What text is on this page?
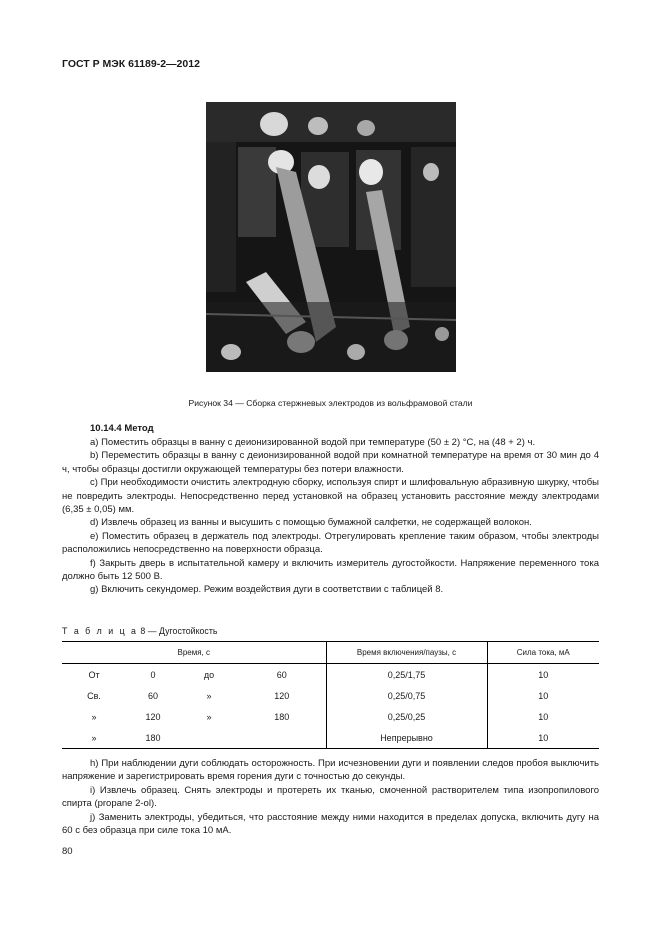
ГОСТ Р МЭК 61189-2—2012
Рисунок 34 — Сборка стержневых электродов из вольфрамовой стали
10.14.4 Метод

a) Поместить образцы в ванну с деионизированной водой при температуре (50 ± 2) °С, на (48 + 2) ч.

b) Переместить образцы в ванну с деионизированной водой при комнатной температуре на время от 30 мин до 4 ч, чтобы образцы достигли окружающей температуры без потери влажности.

с) При необходимости очистить электродную сборку, используя спирт и шлифовальную абразивную шкурку, чтобы не повредить электроды. Непосредственно перед установкой на образец установить расстояние между электродами (6,35 ± 0,05) мм.

d) Извлечь образец из ванны и высушить с помощью бумажной салфетки, не содержащей волокон.

е) Поместить образец в держатель под электроды. Отрегулировать крепление таким образом, чтобы электроды расположились непосредственно на поверхности образца.

f) Закрыть дверь в испытательной камеру и включить измеритель дугостойкости. Напряжение переменного тока должно быть 12 500 В.

g) Включить секундомер. Режим воздействия дуги в соответствии с таблицей 8.

Т а б л и ц а 8 — Дугостойкость
Время, с				Время включения/паузы, с	Сила тока, мА
От	0	до	60	0,25/1,75	10
Св.	60	»	120	0,25/0,75	10
»	120	»	180	0,25/0,25	10
»	180			Непрерывно	10

h) При наблюдении дуги соблюдать осторожность. При исчезновении дуги и появлении следов пробоя выключить напряжение и зарегистрировать время горения дуги с точностью до секунды.

i) Извлечь образец. Снять электроды и протереть их тканью, смоченной растворителем типа изопропилового спирта (propane 2-ol).

j) Заменить электроды, убедиться, что расстояние между ними находится в пределах допуска, включить дугу на 60 с без образца при силе тока 10 мА.

80
